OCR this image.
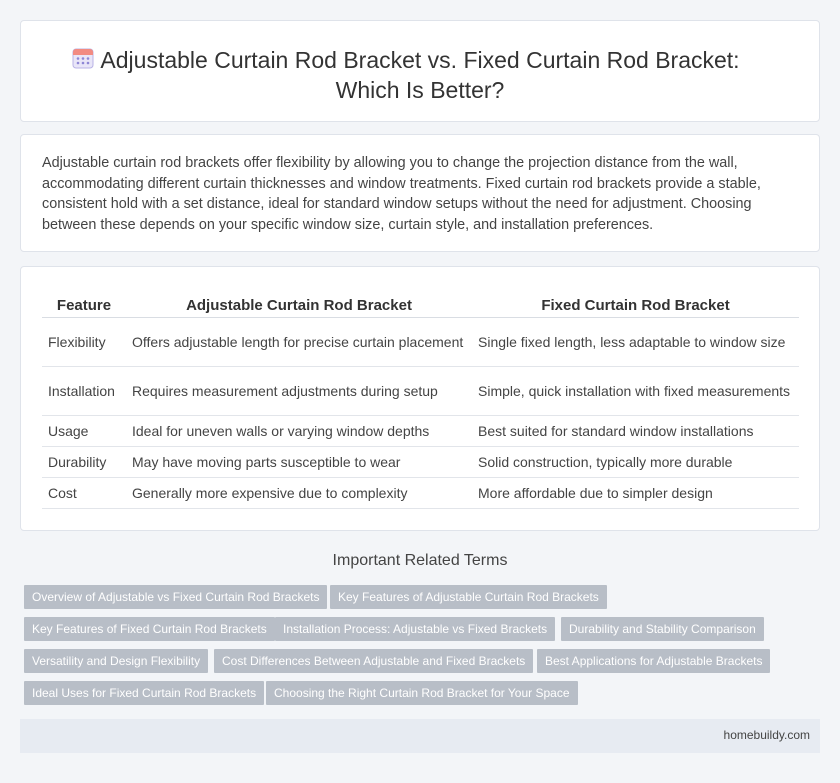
Adjustable Curtain Rod Bracket vs. Fixed Curtain Rod Bracket:
Which Is Better?

Adjustable curtain rod brackets offer flexibility by allowing you to change the projection distance from the wall, accommodating different curtain thicknesses and window treatments. Fixed curtain rod brackets provide a stable, consistent hold with a set distance, ideal for standard window setups without the need for adjustment. Choosing between these depends on your specific window size, curtain style, and installation preferences.

Feature	Adjustable Curtain Rod Bracket	Fixed Curtain Rod Bracket
Flexibility	Offers adjustable length for precise curtain placement	Single fixed length, less adaptable to window size
Installation	Requires measurement adjustments during setup	Simple, quick installation with fixed measurements
Usage	Ideal for uneven walls or varying window depths	Best suited for standard window installations
Durability	May have moving parts susceptible to wear	Solid construction, typically more durable
Cost	Generally more expensive due to complexity	More affordable due to simpler design
Important Related Terms
Overview of Adjustable vs Fixed Curtain Rod Brackets	Key Features of Adjustable Curtain Rod Brackets
Key Features of Fixed Curtain Rod Brackets	Installation Process: Adjustable vs Fixed Brackets	Durability and Stability Comparison
Versatility and Design Flexibility	Cost Differences Between Adjustable and Fixed Brackets	Best Applications for Adjustable Brackets
Ideal Uses for Fixed Curtain Rod Brackets	Choosing the Right Curtain Rod Bracket for Your Space
homebuildy.com
